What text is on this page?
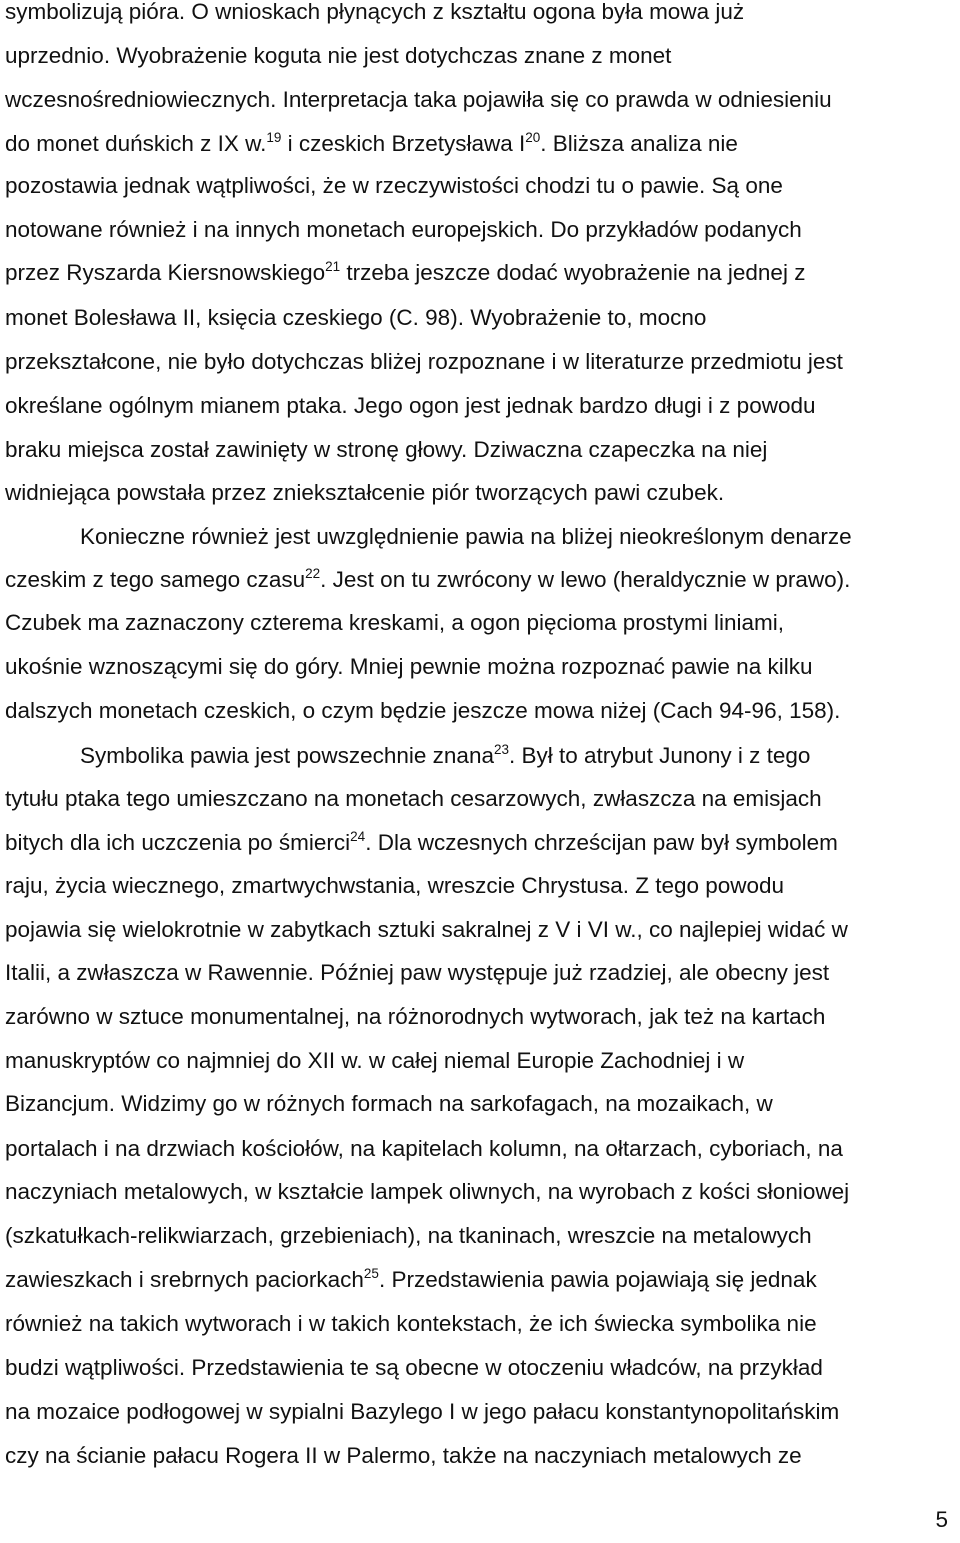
symbolizują pióra. O wnioskach płynących z kształtu ogona była mowa już
uprzednio. Wyobrażenie koguta nie jest dotychczas znane z monet
wczesnośredniowiecznych. Interpretacja taka pojawiła się co prawda w odniesieniu
do monet duńskich z IX w.$^{19}$ i czeskich Brzetysława $I^{20}$. Bliższa analiza nie
pozostawia jednak wątpliwości, że w rzeczywistości chodzi tu o pawie. Są one
notowane również i na innych monetach europejskich. Do przykładów podanych
przez Ryszarda Kiersnowskiego$^{21}$ trzeba jeszcze dodać wyobrażenie na jednej z
monet Bolesława II, księcia czeskiego (C. 98). Wyobrażenie to, mocno
przekształcone, nie było dotychczas bliżej rozpoznane i w literaturze przedmiotu jest
określane ogólnym mianem ptaka. Jego ogon jest jednak bardzo długi i z powodu
braku miejsca został zawinięty w stronę głowy. Dziwaczna czapeczka na niej
widniejąca powstała przez zniekształcenie piór tworzących pawi czubek.
Konieczne również jest uwzględnienie pawia na bliżej nieokreślonym denarze
czeskim z tego samego czasu$^{22}$. Jest on tu zwrócony w lewo (heraldycznie w prawo).
Czubek ma zaznaczony czterema kreskami, a ogon pięcioma prostymi liniami,
ukośnie wznoszącymi się do góry. Mniej pewnie można rozpoznać pawie na kilku
dalszych monetach czeskich, o czym będzie jeszcze mowa niżej (Cach 94-96, 158).
Symbolika pawia jest powszechnie znana$^{23}$. Był to atrybut Junony i z tego
tytułu ptaka tego umieszczano na monetach cesarzowych, zwłaszcza na emisjach
bitych dla ich uczczenia po śmierci$^{24}$. Dla wczesnych chrześcijan paw był symbolem
raju, życia wiecznego, zmartwychwstania, wreszcie Chrystusa. Z tego powodu
pojawia się wielokrotnie w zabytkach sztuki sakralnej z V i VI w., co najlepiej widać w
Italii, a zwłaszcza w Rawennie. Później paw występuje już rzadziej, ale obecny jest
zarówno w sztuce monumentalnej, na różnorodnych wytworach, jak też na kartach
manuskryptów co najmniej do XII w. w całej niemal Europie Zachodniej i w
Bizancjum. Widzimy go w różnych formach na sarkofagach, na mozaikach, w
portalach i na drzwiach kościołów, na kapitelach kolumn, na ołtarzach, cyboriach, na
naczyniach metalowych, w kształcie lampek oliwnych, na wyrobach z kości słoniowej
(szkatułkach-relikwiarzach, grzebieniach), na tkaninach, wreszcie na metalowych
zawieszkach i srebrnych paciorkach$^{25}$. Przedstawienia pawia pojawiają się jednak
również na takich wytworach i w takich kontekstach, że ich świecka symbolika nie
budzi wątpliwości. Przedstawienia te są obecne w otoczeniu władców, na przykład
na mozaice podłogowej w sypialni Bazylego I w jego pałacu konstantynopolitańskim
czy na ścianie pałacu Rogera II w Palermo, także na naczyniach metalowych ze
5
